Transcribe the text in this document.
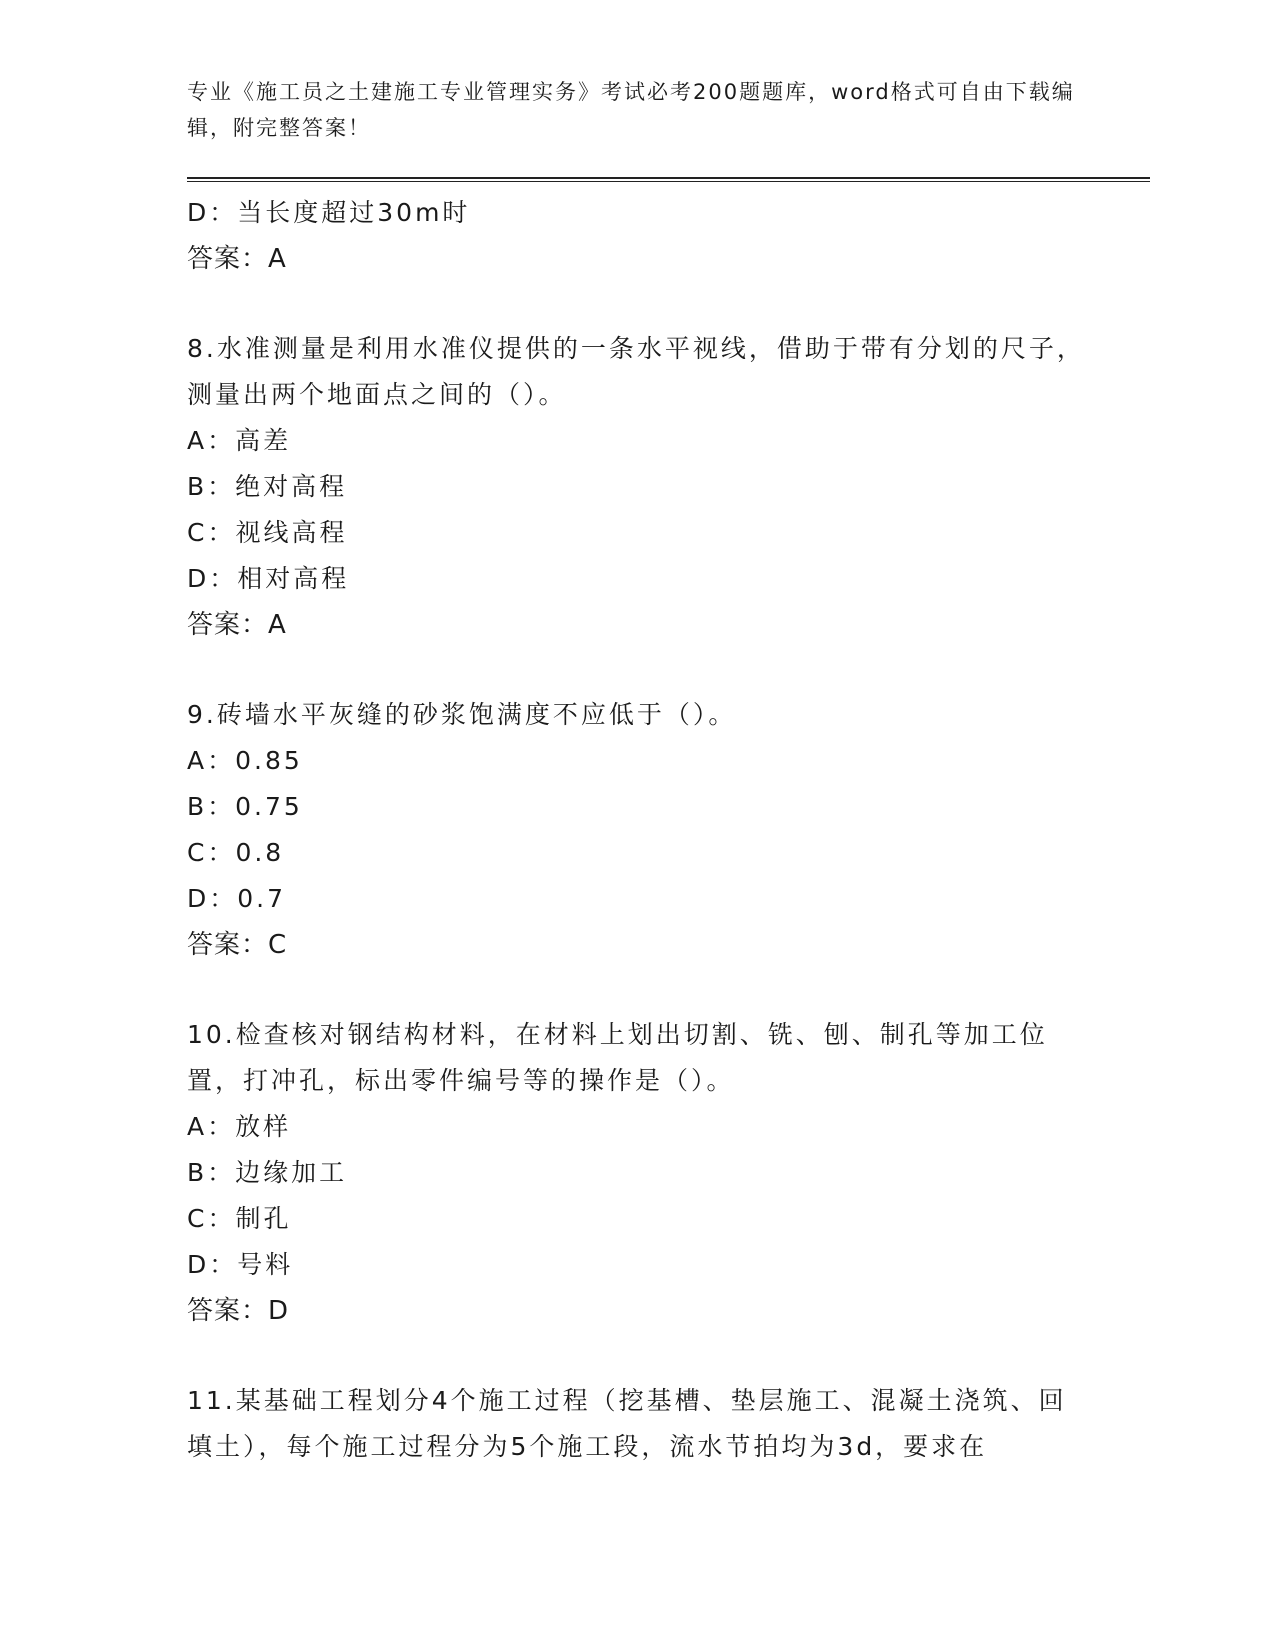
专业《施工员之土建施工专业管理实务》考试必考200题题库，word格式可自由下载编辑，附完整答案！
D：当长度超过30m时
答案：A
8.水准测量是利用水准仪提供的一条水平视线，借助于带有分划的尺子，测量出两个地面点之间的（）。
A：高差
B：绝对高程
C：视线高程
D：相对高程
答案：A
9.砖墙水平灰缝的砂浆饱满度不应低于（）。
A：0.85
B：0.75
C：0.8
D：0.7
答案：C
10.检查核对钢结构材料，在材料上划出切割、铣、刨、制孔等加工位置，打冲孔，标出零件编号等的操作是（）。
A：放样
B：边缘加工
C：制孔
D：号料
答案：D
11.某基础工程划分4个施工过程（挖基槽、垫层施工、混凝土浇筑、回填土），每个施工过程分为5个施工段，流水节拍均为3d，要求在
